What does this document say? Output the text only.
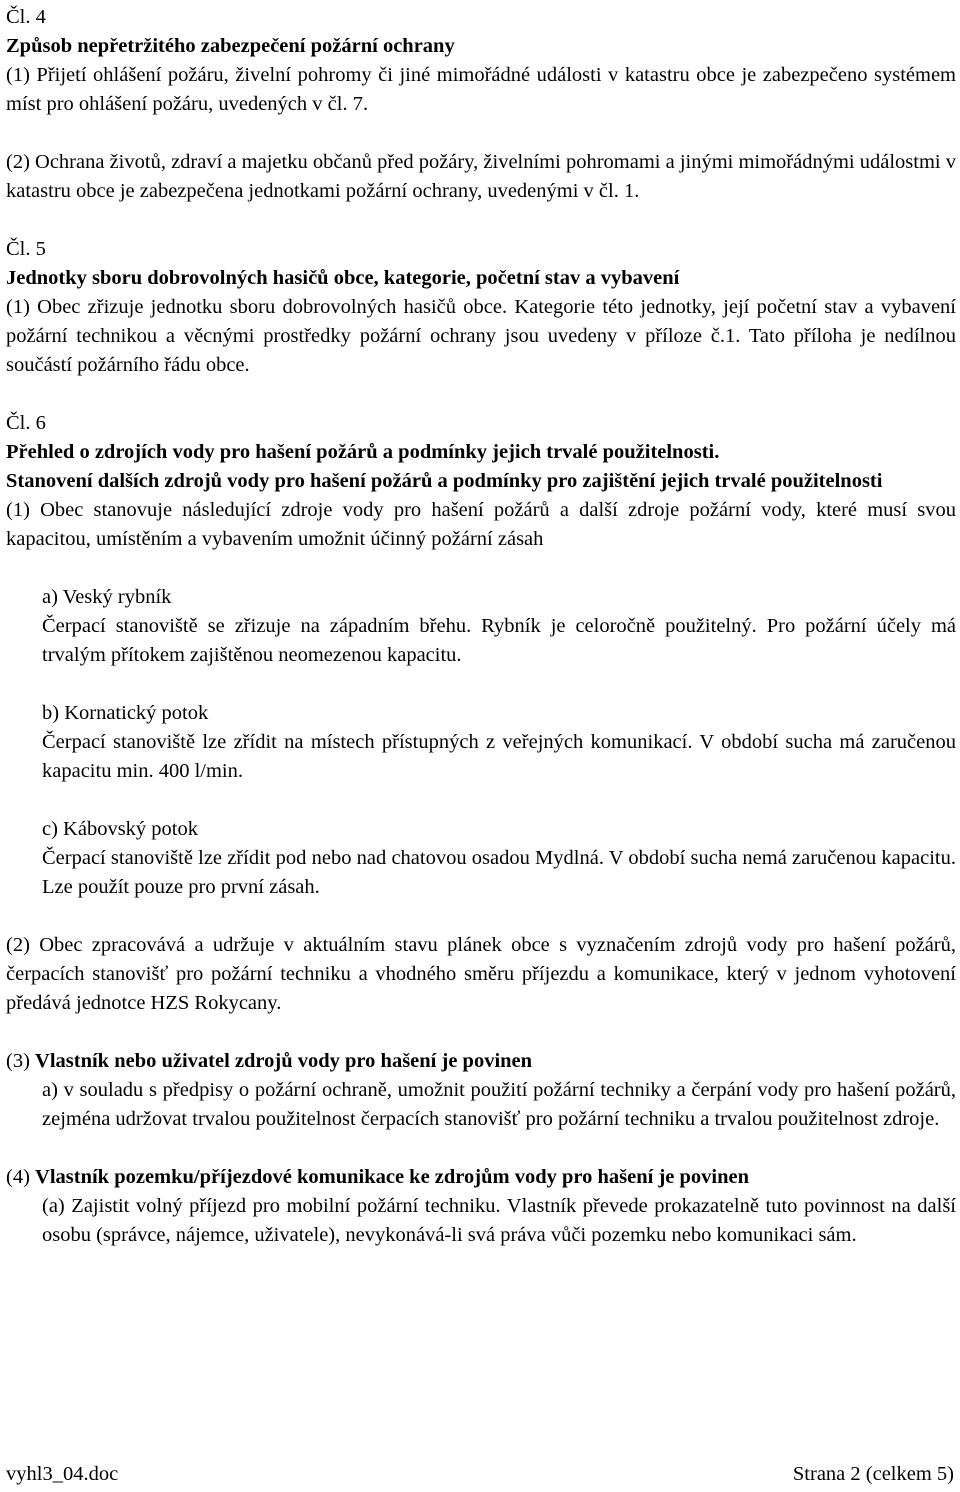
Čl. 4

Způsob nepřetržitého zabezpečení požární ochrany

(1) Přijetí ohlášení požáru, živelní pohromy či jiné mimořádné události v katastru obce je zabezpečeno systémem míst pro ohlášení požáru, uvedených v čl. 7.

(2) Ochrana životů, zdraví a majetku občanů před požáry, živelními pohromami a jinými mimořádnými událostmi v katastru obce je zabezpečena jednotkami požární ochrany, uvedenými v čl. 1.

Čl. 5

Jednotky sboru dobrovolných hasičů obce, kategorie, početní stav a vybavení

(1) Obec zřizuje jednotku sboru dobrovolných hasičů obce. Kategorie této jednotky, její početní stav a vybavení požární technikou a věcnými prostředky požární ochrany jsou uvedeny v příloze č.1. Tato příloha je nedílnou součástí požárního řádu obce.

Čl. 6

Přehled o zdrojích vody pro hašení požárů a podmínky jejich trvalé použitelnosti.

Stanovení dalších zdrojů vody pro hašení požárů a podmínky pro zajištění jejich trvalé použitelnosti

(1) Obec stanovuje následující zdroje vody pro hašení požárů a další zdroje požární vody, které musí svou kapacitou, umístěním a vybavením umožnit účinný požární zásah

a) Veský rybník

Čerpací stanoviště se zřizuje na západním břehu. Rybník je celoročně použitelný. Pro požární účely má trvalým přítokem zajištěnou neomezenou kapacitu.

b) Kornatický potok

Čerpací stanoviště lze zřídit na místech přístupných z veřejných komunikací. V období sucha má zaručenou kapacitu min. 400 l/min.

c) Kábovský potok

Čerpací stanoviště lze zřídit pod nebo nad chatovou osadou Mydlná. V období sucha nemá zaručenou kapacitu. Lze použít pouze pro první zásah.

(2) Obec zpracovává a udržuje v aktuálním stavu plánek obce s vyznačením zdrojů vody pro hašení požárů, čerpacích stanovišť pro požární techniku a vhodného směru příjezdu a komunikace, který v jednom vyhotovení předává jednotce HZS Rokycany.

(3) Vlastník nebo uživatel zdrojů vody pro hašení je povinen

a) v souladu s předpisy o požární ochraně, umožnit použití požární techniky a čerpání vody pro hašení požárů, zejména udržovat trvalou použitelnost čerpacích stanovišť pro požární techniku a trvalou použitelnost zdroje.

(4) Vlastník pozemku/příjezdové komunikace ke zdrojům vody pro hašení je povinen

(a) Zajistit volný příjezd pro mobilní požární techniku. Vlastník převede prokazatelně tuto povinnost na další osobu (správce, nájemce, uživatele), nevykonává-li svá práva vůči pozemku nebo komunikaci sám.

vyhl3_04.doc	Strana 2 (celkem 5)
